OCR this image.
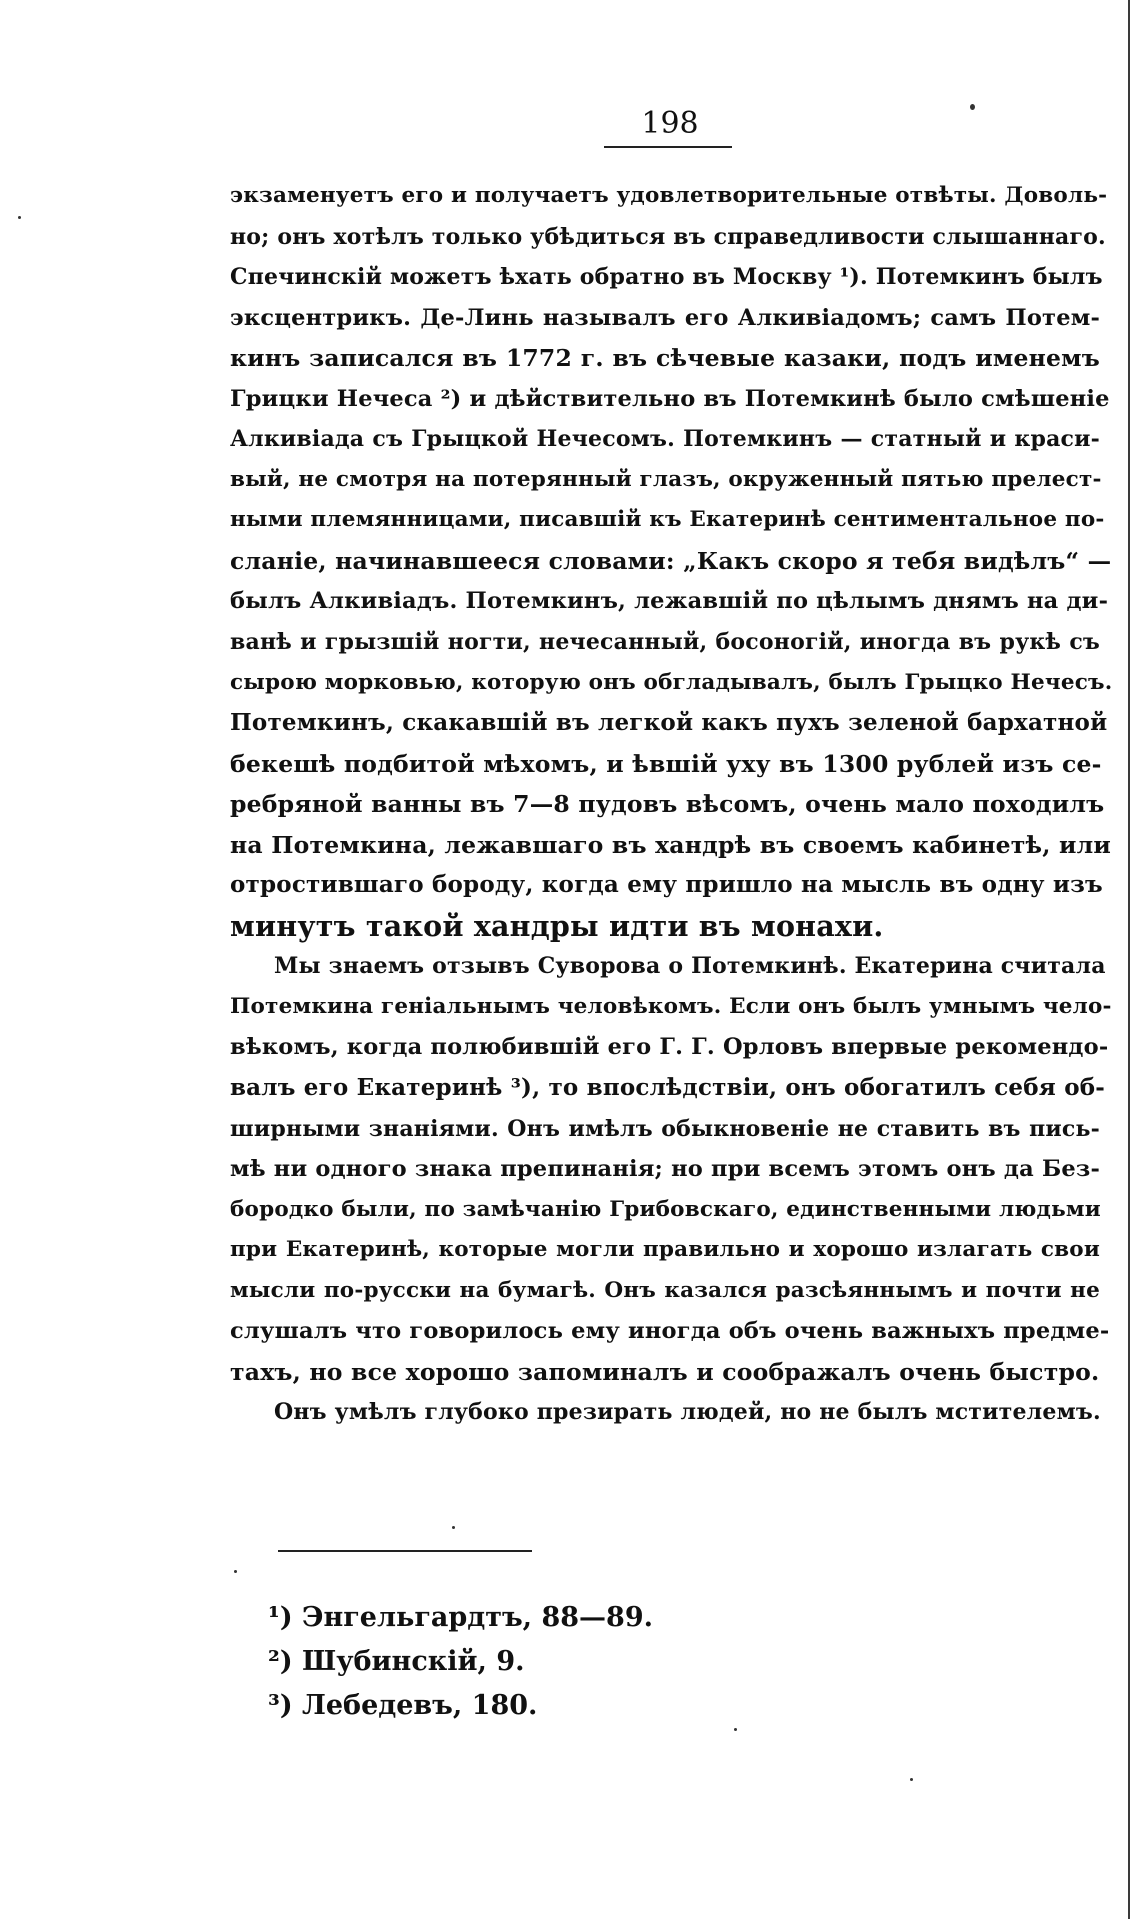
198
экзаменуетъ его и получаетъ удовлетворительные отвѣты. Доволь-
но; онъ хотѣлъ только убѣдиться въ справедливости слышаннаго.
Спечинскій можетъ ѣхать обратно въ Москву ¹). Потемкинъ былъ
эксцентрикъ. Де-Линь называлъ его Алкивіадомъ; самъ Потем-
кинъ записался въ 1772 г. въ сѣчевые казаки, подъ именемъ
Грицки Нечеса ²) и дѣйствительно въ Потемкинѣ было смѣшеніе
Алкивіада съ Грыцкой Нечесомъ. Потемкинъ — статный и краси-
вый, не смотря на потерянный глазъ, окруженный пятью прелест-
ными племянницами, писавшій къ Екатеринѣ сентиментальное по-
сланіе, начинавшееся словами: „Какъ скоро я тебя видѣлъ“ —
былъ Алкивіадъ. Потемкинъ, лежавшій по цѣлымъ днямъ на ди-
ванѣ и грызшій ногти, нечесанный, босоногій, иногда въ рукѣ съ
сырою морковью, которую онъ обгладывалъ, былъ Грыцко Нечесъ.
Потемкинъ, скакавшій въ легкой какъ пухъ зеленой бархатной
бекешѣ подбитой мѣхомъ, и ѣвшій уху въ 1300 рублей изъ се-
ребряной ванны въ 7—8 пудовъ вѣсомъ, очень мало походилъ
на Потемкина, лежавшаго въ хандрѣ въ своемъ кабинетѣ, или
отростившаго бороду, когда ему пришло на мысль въ одну изъ
минутъ такой хандры идти въ монахи.
Мы знаемъ отзывъ Суворова о Потемкинѣ. Екатерина считала
Потемкина геніальнымъ человѣкомъ. Если онъ былъ умнымъ чело-
вѣкомъ, когда полюбившій его Г. Г. Орловъ впервые рекомендо-
валъ его Екатеринѣ ³), то впослѣдствіи, онъ обогатилъ себя об-
ширными знаніями. Онъ имѣлъ обыкновеніе не ставить въ пись-
мѣ ни одного знака препинанія; но при всемъ этомъ онъ да Без-
бородко были, по замѣчанію Грибовскаго, единственными людьми
при Екатеринѣ, которые могли правильно и хорошо излагать свои
мысли по-русски на бумагѣ. Онъ казался разсѣяннымъ и почти не
слушалъ что говорилось ему иногда объ очень важныхъ предме-
тахъ, но все хорошо запоминалъ и соображалъ очень быстро.
Онъ умѣлъ глубоко презирать людей, но не былъ мстителемъ.
¹) Энгельгардтъ, 88—89.
²) Шубинскій, 9.
³) Лебедевъ, 180.
